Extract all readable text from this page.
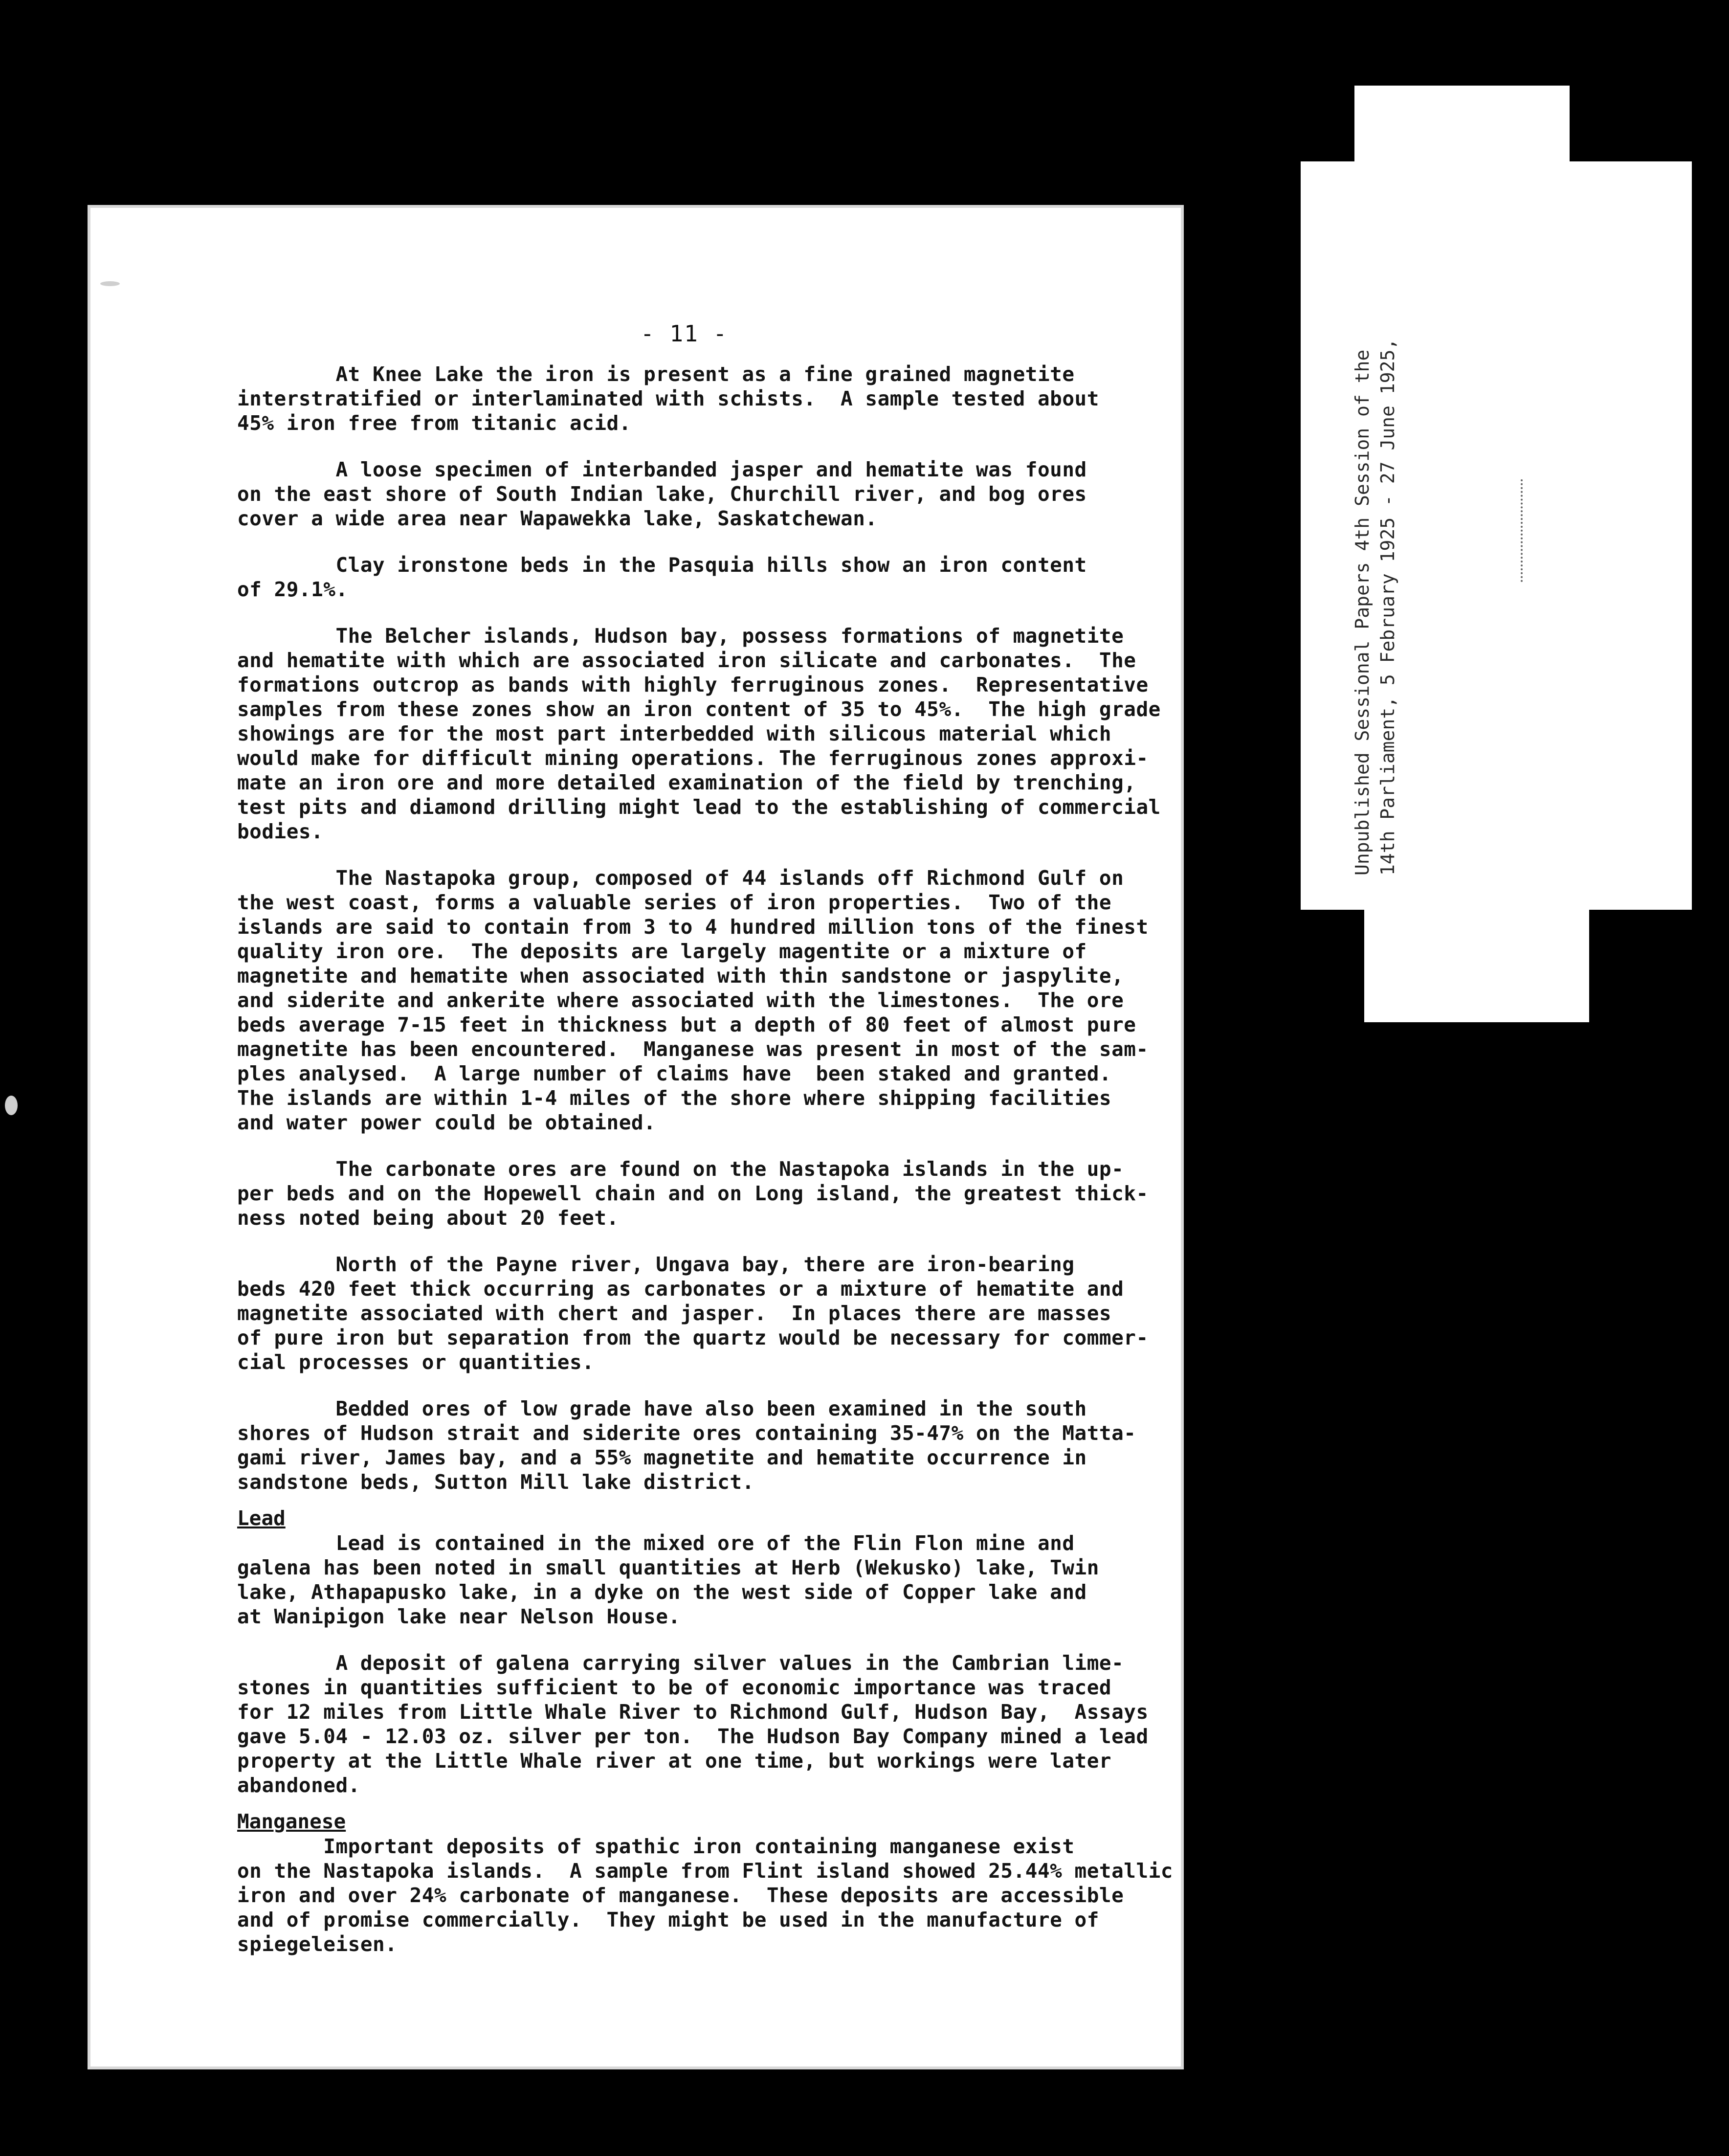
Unpublished Sessional Papers 4th Session of the 14th Parliament, 5 February 1925 - 27 June 1925,
- 11 -
At Knee Lake the iron is present as a fine grained magnetite
interstratified or interlaminated with schists.  A sample tested about
45% iron free from titanic acid.
A loose specimen of interbanded jasper and hematite was found
on the east shore of South Indian lake, Churchill river, and bog ores
cover a wide area near Wapawekka lake, Saskatchewan.
Clay ironstone beds in the Pasquia hills show an iron content
of 29.1%.
The Belcher islands, Hudson bay, possess formations of magnetite
and hematite with which are associated iron silicate and carbonates.  The
formations outcrop as bands with highly ferruginous zones.  Representative
samples from these zones show an iron content of 35 to 45%.  The high grade
showings are for the most part interbedded with silicous material which
would make for difficult mining operations. The ferruginous zones approxi-
mate an iron ore and more detailed examination of the field by trenching,
test pits and diamond drilling might lead to the establishing of commercial
bodies.
The Nastapoka group, composed of 44 islands off Richmond Gulf on
the west coast, forms a valuable series of iron properties.  Two of the
islands are said to contain from 3 to 4 hundred million tons of the finest
quality iron ore.  The deposits are largely magentite or a mixture of
magnetite and hematite when associated with thin sandstone or jaspylite,
and siderite and ankerite where associated with the limestones.  The ore
beds average 7-15 feet in thickness but a depth of 80 feet of almost pure
magnetite has been encountered.  Manganese was present in most of the sam-
ples analysed.  A large number of claims have  been staked and granted.
The islands are within 1-4 miles of the shore where shipping facilities
and water power could be obtained.
The carbonate ores are found on the Nastapoka islands in the up-
per beds and on the Hopewell chain and on Long island, the greatest thick-
ness noted being about 20 feet.
North of the Payne river, Ungava bay, there are iron-bearing
beds 420 feet thick occurring as carbonates or a mixture of hematite and
magnetite associated with chert and jasper.  In places there are masses
of pure iron but separation from the quartz would be necessary for commer-
cial processes or quantities.
Bedded ores of low grade have also been examined in the south
shores of Hudson strait and siderite ores containing 35-47% on the Matta-
gami river, James bay, and a 55% magnetite and hematite occurrence in
sandstone beds, Sutton Mill lake district.
Lead
Lead is contained in the mixed ore of the Flin Flon mine and
galena has been noted in small quantities at Herb (Wekusko) lake, Twin
lake, Athapapusko lake, in a dyke on the west side of Copper lake and
at Wanipigon lake near Nelson House.
A deposit of galena carrying silver values in the Cambrian lime-
stones in quantities sufficient to be of economic importance was traced
for 12 miles from Little Whale River to Richmond Gulf, Hudson Bay,  Assays
gave 5.04 - 12.03 oz. silver per ton.  The Hudson Bay Company mined a lead
property at the Little Whale river at one time, but workings were later
abandoned.
Manganese
Important deposits of spathic iron containing manganese exist
on the Nastapoka islands.  A sample from Flint island showed 25.44% metallic
iron and over 24% carbonate of manganese.  These deposits are accessible
and of promise commercially.  They might be used in the manufacture of
spiegeleisen.
